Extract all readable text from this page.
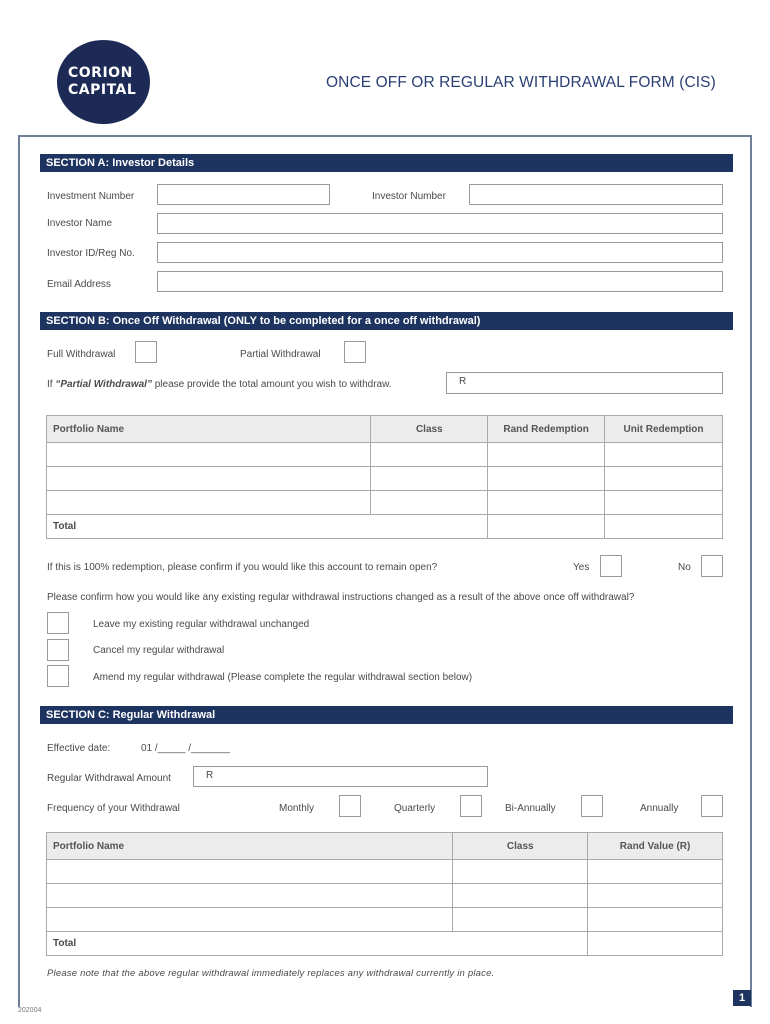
CORION
CAPITAL	ONCE OFF OR REGULAR WITHDRAWAL FORM (CIS)
SECTION A: Investor Details
Investment Number	Investor Number
Investor Name
Investor ID/Reg No.
Email Address
SECTION B: Once Off Withdrawal (ONLY to be completed for a once off withdrawal)
Full Withdrawal	Partial Withdrawal
If “Partial Withdrawal” please provide the total amount you wish to withdraw.	R
Portfolio Name	Class	Rand Redemption	Unit Redemption

Total			
If this is 100% redemption, please confirm if you would like this account to remain open?	Yes	No
Please confirm how you would like any existing regular withdrawal instructions changed as a result of the above once off withdrawal?
Leave my existing regular withdrawal unchanged
Cancel my regular withdrawal
Amend my regular withdrawal (Please complete the regular withdrawal section below)
SECTION C: Regular Withdrawal
Effective date:	01 /_____ /_______
Regular Withdrawal Amount	R
Frequency of your Withdrawal	Monthly	Quarterly	Bi-Annually	Annually
Portfolio Name	Class	Rand Value (R)

Total		
Please note that the above regular withdrawal immediately replaces any withdrawal currently in place.
1
202004
